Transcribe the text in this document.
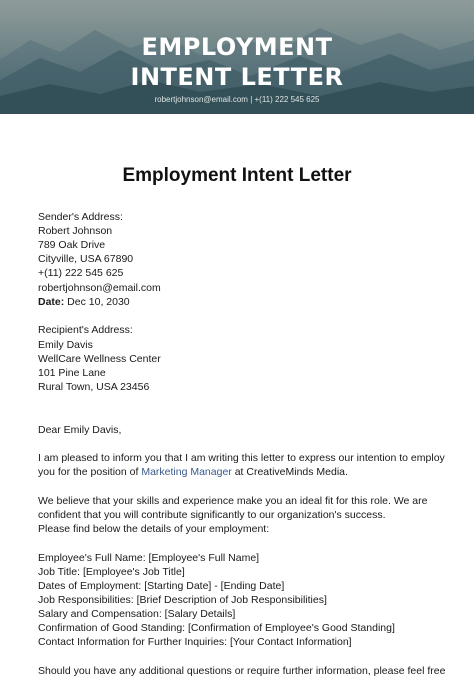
EMPLOYMENT
INTENT LETTER
robertjohnson@email.com | +(11) 222 545 625
Employment Intent Letter
Sender's Address:
Robert Johnson
789 Oak Drive
Cityville, USA 67890
+(11) 222 545 625
robertjohnson@email.com
Date: Dec 10, 2030
Recipient's Address:
Emily Davis
WellCare Wellness Center
101 Pine Lane
Rural Town, USA 23456
Dear Emily Davis,
I am pleased to inform you that I am writing this letter to express our intention to employ
you for the position of Marketing Manager at CreativeMinds Media.
We believe that your skills and experience make you an ideal fit for this role. We are
confident that you will contribute significantly to our organization's success.
Please find below the details of your employment:
Employee's Full Name: [Employee's Full Name]
Job Title: [Employee's Job Title]
Dates of Employment: [Starting Date] - [Ending Date]
Job Responsibilities: [Brief Description of Job Responsibilities]
Salary and Compensation: [Salary Details]
Confirmation of Good Standing: [Confirmation of Employee's Good Standing]
Contact Information for Further Inquiries: [Your Contact Information]
Should you have any additional questions or require further information, please feel free
